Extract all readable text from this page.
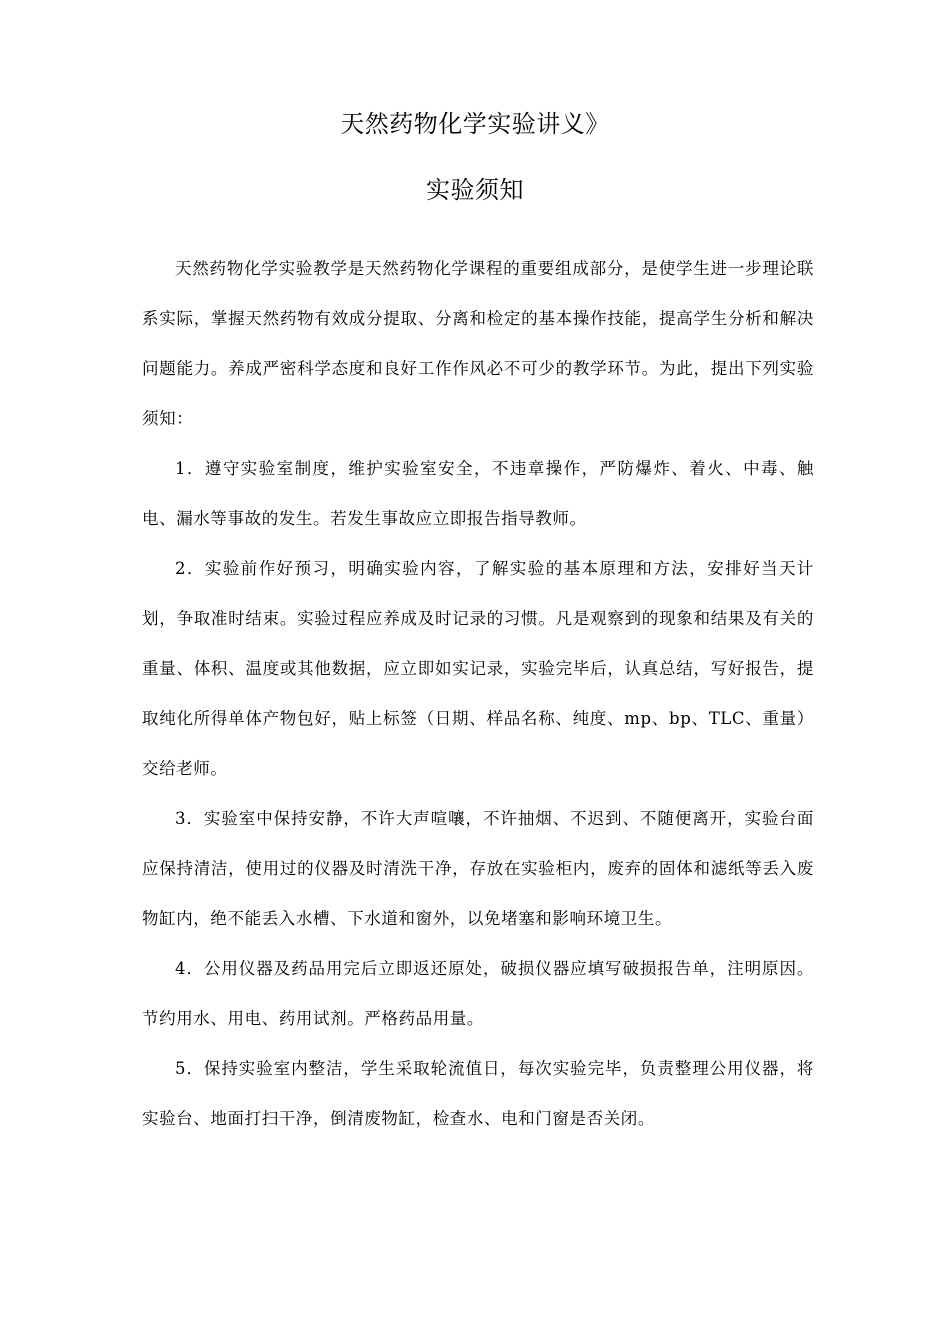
天然药物化学实验讲义》
实验须知

天然药物化学实验教学是天然药物化学课程的重要组成部分，是使学生进一步理论联系实际，掌握天然药物有效成分提取、分离和检定的基本操作技能，提高学生分析和解决问题能力。养成严密科学态度和良好工作作风必不可少的教学环节。为此，提出下列实验须知：

1．遵守实验室制度，维护实验室安全，不违章操作，严防爆炸、着火、中毒、触电、漏水等事故的发生。若发生事故应立即报告指导教师。

2．实验前作好预习，明确实验内容，了解实验的基本原理和方法，安排好当天计划，争取准时结束。实验过程应养成及时记录的习惯。凡是观察到的现象和结果及有关的重量、体积、温度或其他数据，应立即如实记录，实验完毕后，认真总结，写好报告，提取纯化所得单体产物包好，贴上标签（日期、样品名称、纯度、mp、bp、TLC、重量）交给老师。

3．实验室中保持安静，不许大声喧嚷，不许抽烟、不迟到、不随便离开，实验台面应保持清洁，使用过的仪器及时清洗干净，存放在实验柜内，废弃的固体和滤纸等丢入废物缸内，绝不能丢入水槽、下水道和窗外，以免堵塞和影响环境卫生。

4．公用仪器及药品用完后立即返还原处，破损仪器应填写破损报告单，注明原因。节约用水、用电、药用试剂。严格药品用量。

5．保持实验室内整洁，学生采取轮流值日，每次实验完毕，负责整理公用仪器，将实验台、地面打扫干净，倒清废物缸，检查水、电和门窗是否关闭。
